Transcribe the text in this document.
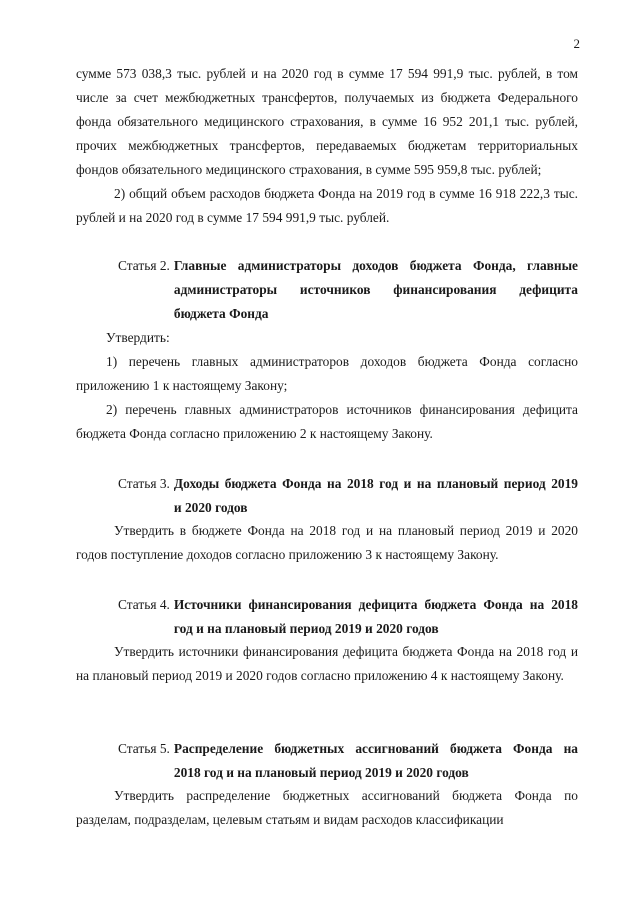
2

сумме 573 038,3 тыс. рублей и на 2020 год в сумме 17 594 991,9 тыс. рублей, в том числе за счет межбюджетных трансфертов, получаемых из бюджета Федерального фонда обязательного медицинского страхования, в сумме 16 952 201,1 тыс. рублей, прочих межбюджетных трансфертов, передаваемых бюджетам территориальных фондов обязательного медицинского страхования, в сумме 595 959,8 тыс. рублей;

2) общий объем расходов бюджета Фонда на 2019 год в сумме 16 918 222,3 тыс. рублей и на 2020 год в сумме 17 594 991,9 тыс. рублей.

Статья 2. Главные администраторы доходов бюджета Фонда, главные администраторы источников финансирования дефицита
бюджета Фонда

Утвердить:

1) перечень главных администраторов доходов бюджета Фонда согласно приложению 1 к настоящему Закону;

2) перечень главных администраторов источников финансирования дефицита бюджета Фонда согласно приложению 2 к настоящему Закону.

Статья 3. Доходы бюджета Фонда на 2018 год и на плановый период 2019
и 2020 годов

Утвердить в бюджете Фонда на 2018 год и на плановый период 2019 и 2020 годов поступление доходов согласно приложению 3 к настоящему Закону.

Статья 4. Источники финансирования дефицита бюджета Фонда на 2018
год и на плановый период 2019 и 2020 годов

Утвердить источники финансирования дефицита бюджета Фонда на 2018 год и на плановый период 2019 и 2020 годов согласно приложению 4 к настоящему Закону.

Статья 5. Распределение бюджетных ассигнований бюджета Фонда на
2018 год и на плановый период 2019 и 2020 годов

Утвердить распределение бюджетных ассигнований бюджета Фонда по разделам, подразделам, целевым статьям и видам расходов классификации
